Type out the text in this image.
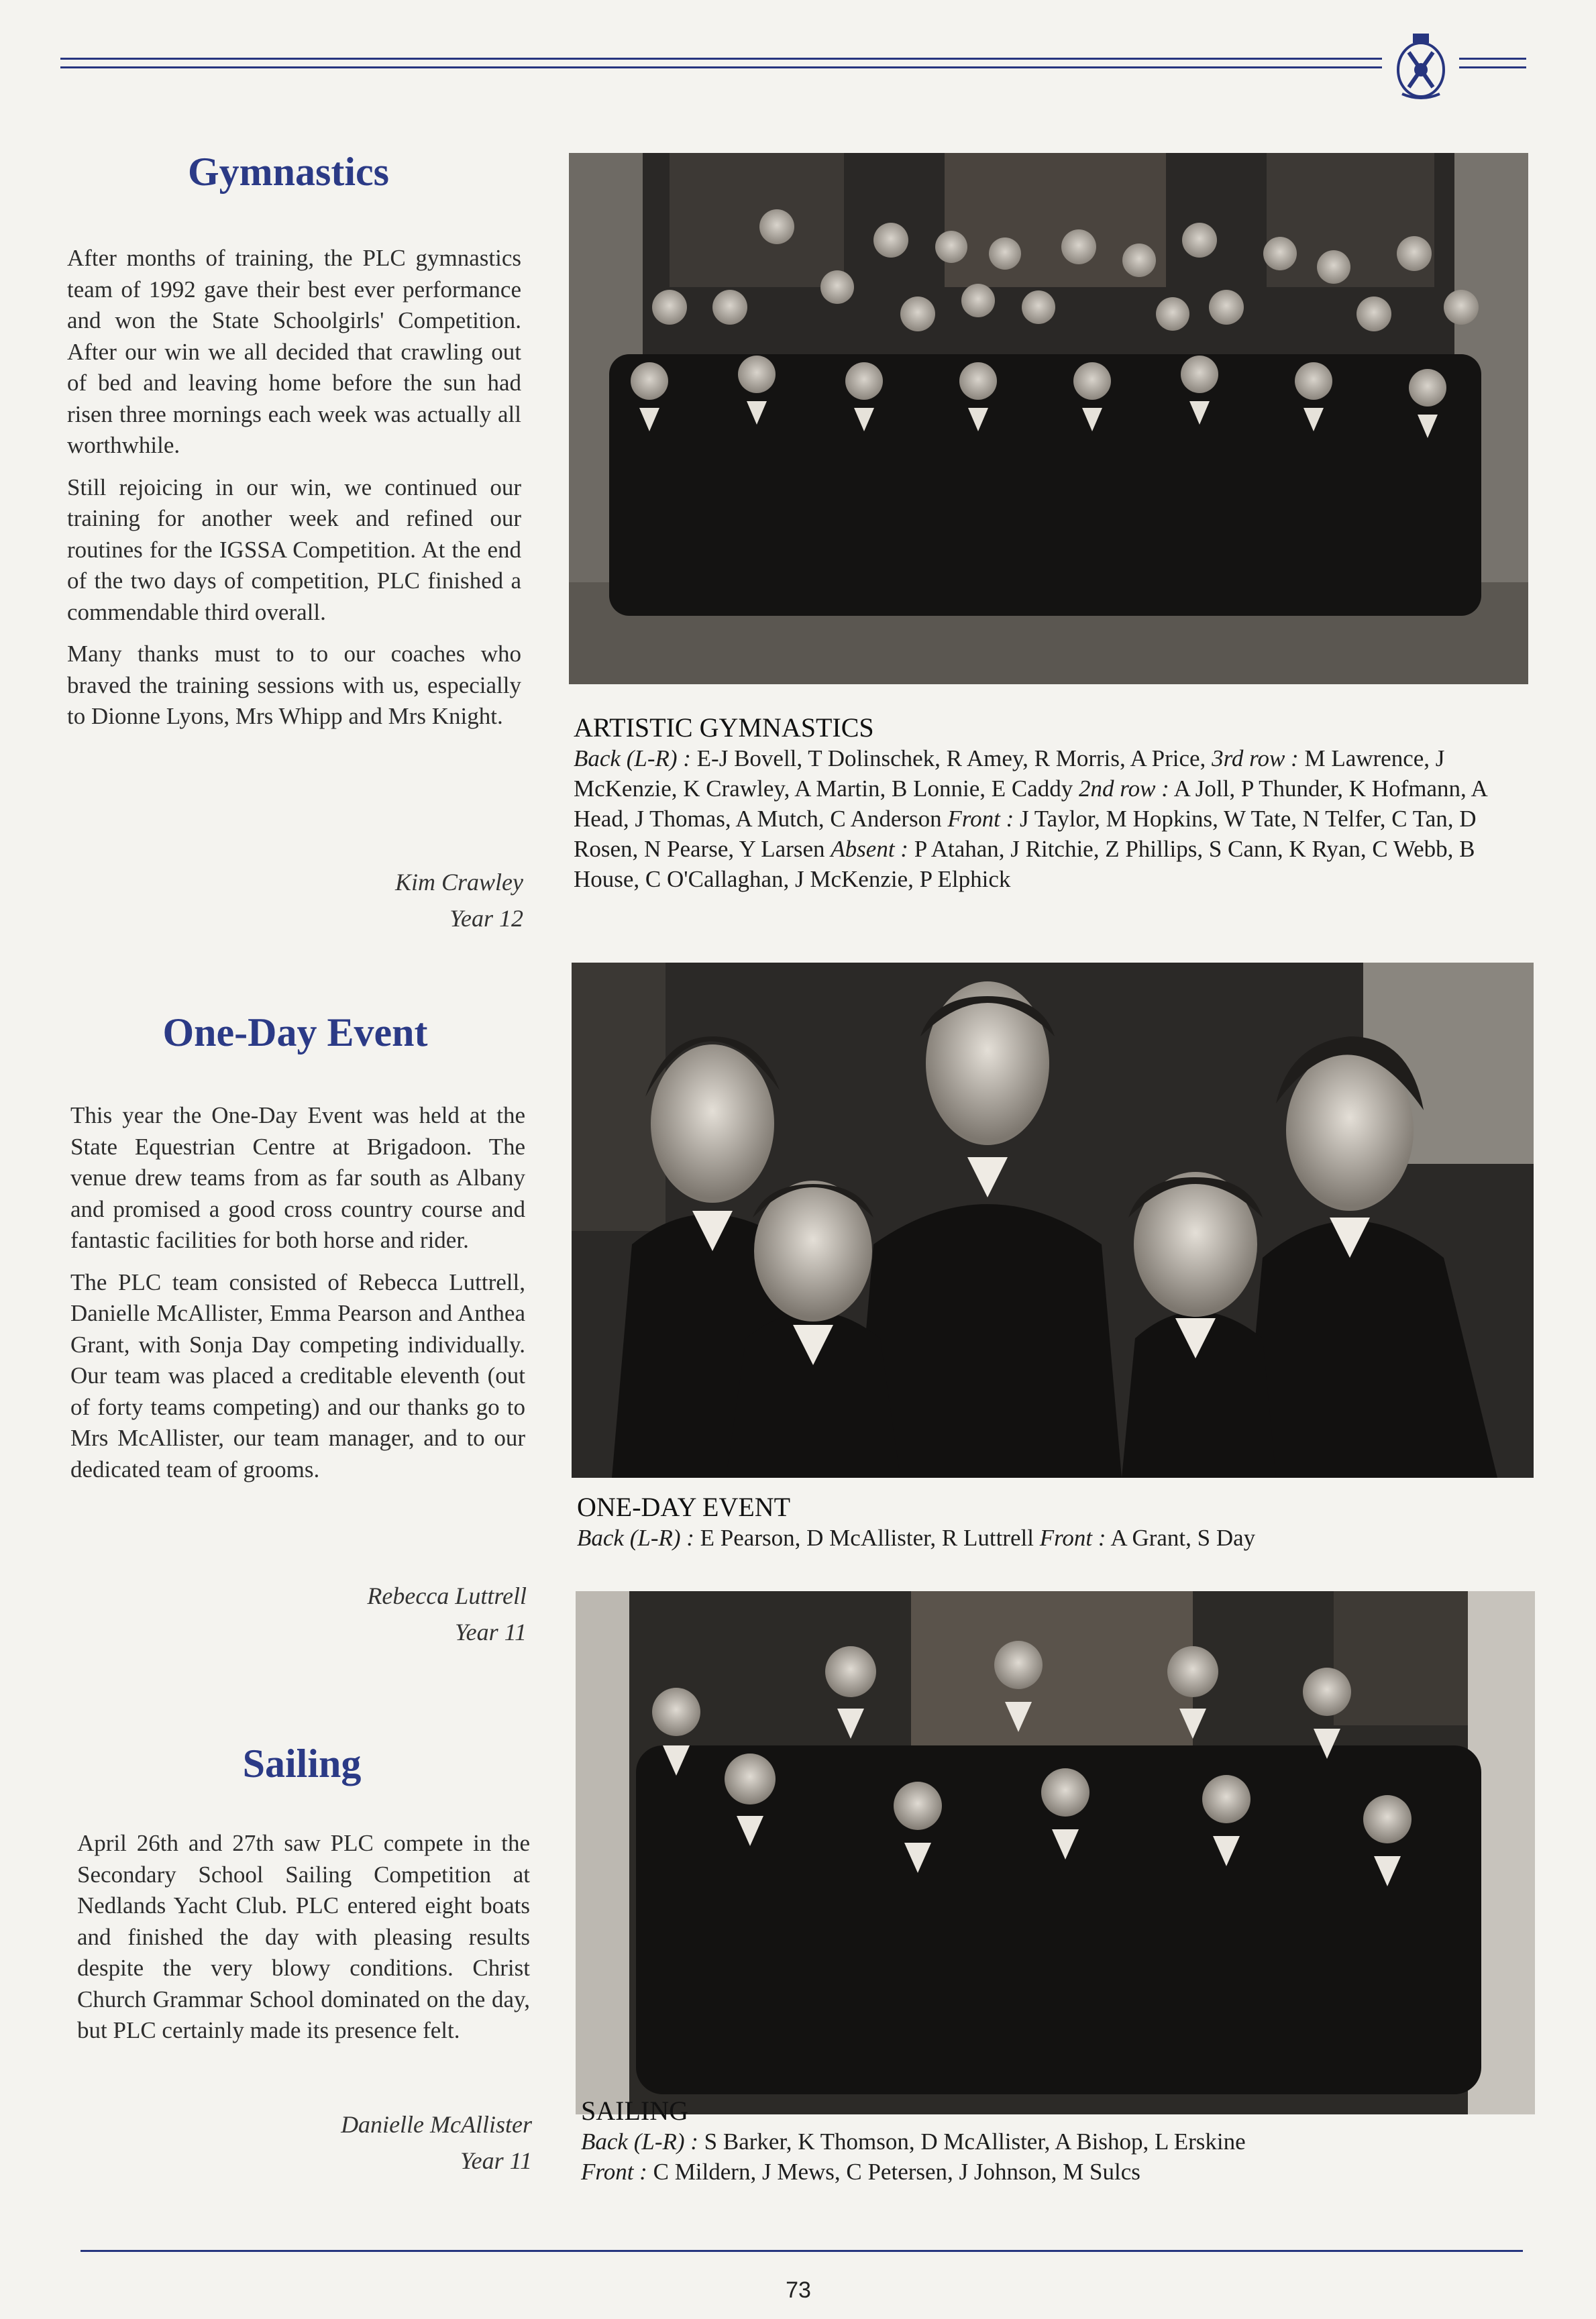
Gymnastics

After months of training, the PLC gymnastics team of 1992 gave their best ever performance and won the State Schoolgirls' Competition. After our win we all decided that crawling out of bed and leaving home before the sun had risen three mornings each week was actually all worthwhile.

Still rejoicing in our win, we continued our training for another week and refined our routines for the IGSSA Competition. At the end of the two days of competition, PLC finished a commendable third overall.

Many thanks must to to our coaches who braved the training sessions with us, especially to Dionne Lyons, Mrs Whipp and Mrs Knight.

Kim Crawley
Year 12
ARTISTIC GYMNASTICS
Back (L-R) : E-J Bovell, T Dolinschek, R Amey, R Morris, A Price, 3rd row : M Lawrence, J McKenzie, K Crawley, A Martin, B Lonnie, E Caddy 2nd row : A Joll, P Thunder, K Hofmann, A Head, J Thomas, A Mutch, C Anderson Front : J Taylor, M Hopkins, W Tate, N Telfer, C Tan, D Rosen, N Pearse, Y Larsen Absent : P Atahan, J Ritchie, Z Phillips, S Cann, K Ryan, C Webb, B House, C O'Callaghan, J McKenzie, P Elphick
One-Day Event

This year the One-Day Event was held at the State Equestrian Centre at Brigadoon. The venue drew teams from as far south as Albany and promised a good cross country course and fantastic facilities for both horse and rider.

The PLC team consisted of Rebecca Luttrell, Danielle McAllister, Emma Pearson and Anthea Grant, with Sonja Day competing individually. Our team was placed a creditable eleventh (out of forty teams competing) and our thanks go to Mrs McAllister, our team manager, and to our dedicated team of grooms.

Rebecca Luttrell
Year 11
ONE-DAY EVENT
Back (L-R) : E Pearson, D McAllister, R Luttrell Front : A Grant, S Day
Sailing

April 26th and 27th saw PLC compete in the Secondary School Sailing Competition at Nedlands Yacht Club. PLC entered eight boats and finished the day with pleasing results despite the very blowy conditions. Christ Church Grammar School dominated on the day, but PLC certainly made its presence felt.

Danielle McAllister
Year 11
SAILING
Back (L-R) : S Barker, K Thomson, D McAllister, A Bishop, L Erskine
Front : C Mildern, J Mews, C Petersen, J Johnson, M Sulcs
73
